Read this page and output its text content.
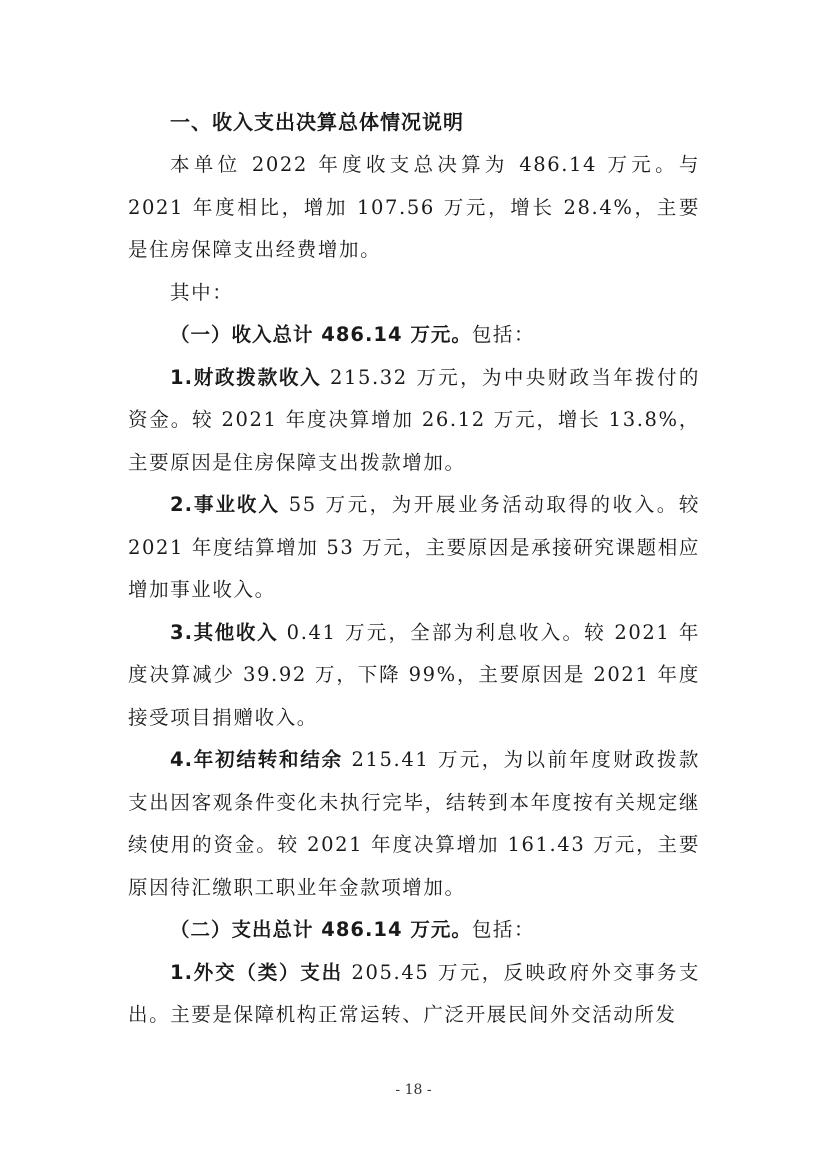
一、收入支出决算总体情况说明

本单位 2022 年度收支总决算为 486.14 万元。与 2021 年度相比，增加 107.56 万元，增长 28.4%，主要是住房保障支出经费增加。

其中：

（一）收入总计 486.14 万元。包括：

1.财政拨款收入 215.32 万元，为中央财政当年拨付的资金。较 2021 年度决算增加 26.12 万元，增长 13.8%， 主要原因是住房保障支出拨款增加。

2.事业收入 55 万元，为开展业务活动取得的收入。较 2021 年度结算增加 53 万元，主要原因是承接研究课题相应增加事业收入。

3.其他收入 0.41 万元，全部为利息收入。较 2021 年度决算减少 39.92 万，下降 99%，主要原因是 2021 年度接受项目捐赠收入。

4.年初结转和结余 215.41 万元，为以前年度财政拨款支出因客观条件变化未执行完毕，结转到本年度按有关规定继续使用的资金。较 2021 年度决算增加 161.43 万元，主要原因待汇缴职工职业年金款项增加。

（二）支出总计 486.14 万元。包括：

1.外交（类）支出 205.45 万元，反映政府外交事务支出。主要是保障机构正常运转、广泛开展民间外交活动所发

- 18 -
